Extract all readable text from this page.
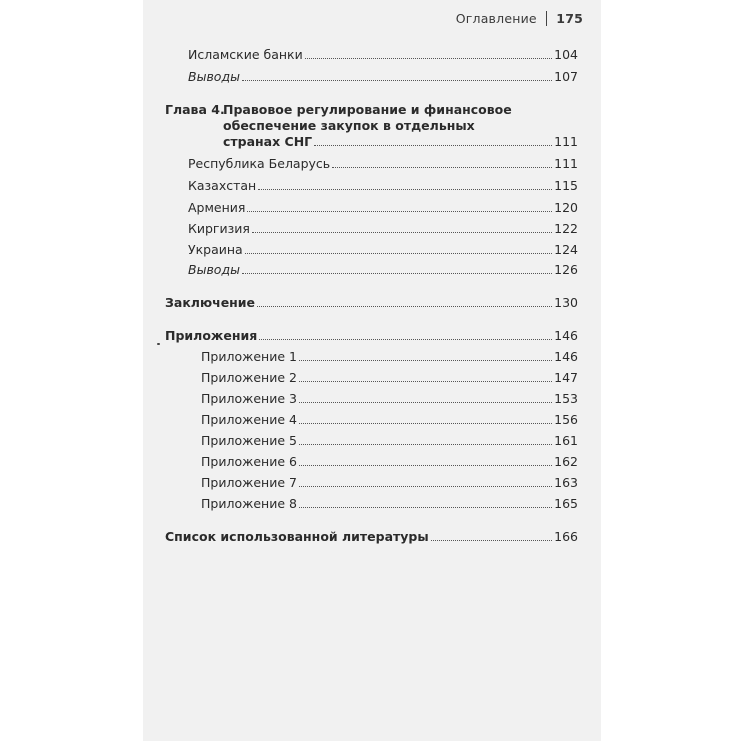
Оглавление 175
Исламские банки	104
Выводы	107
Глава 4.
Правовое регулирование и финансовое
обеспечение закупок в отдельных
странах СНГ	111
Республика Беларусь	111
Казахстан	115
Армения	120
Киргизия	122
Украина	124
Выводы	126
Заключение	130
Приложения	146
Приложение 1	146
Приложение 2	147
Приложение 3	153
Приложение 4	156
Приложение 5	161
Приложение 6	162
Приложение 7	163
Приложение 8	165
Список использованной литературы	166
